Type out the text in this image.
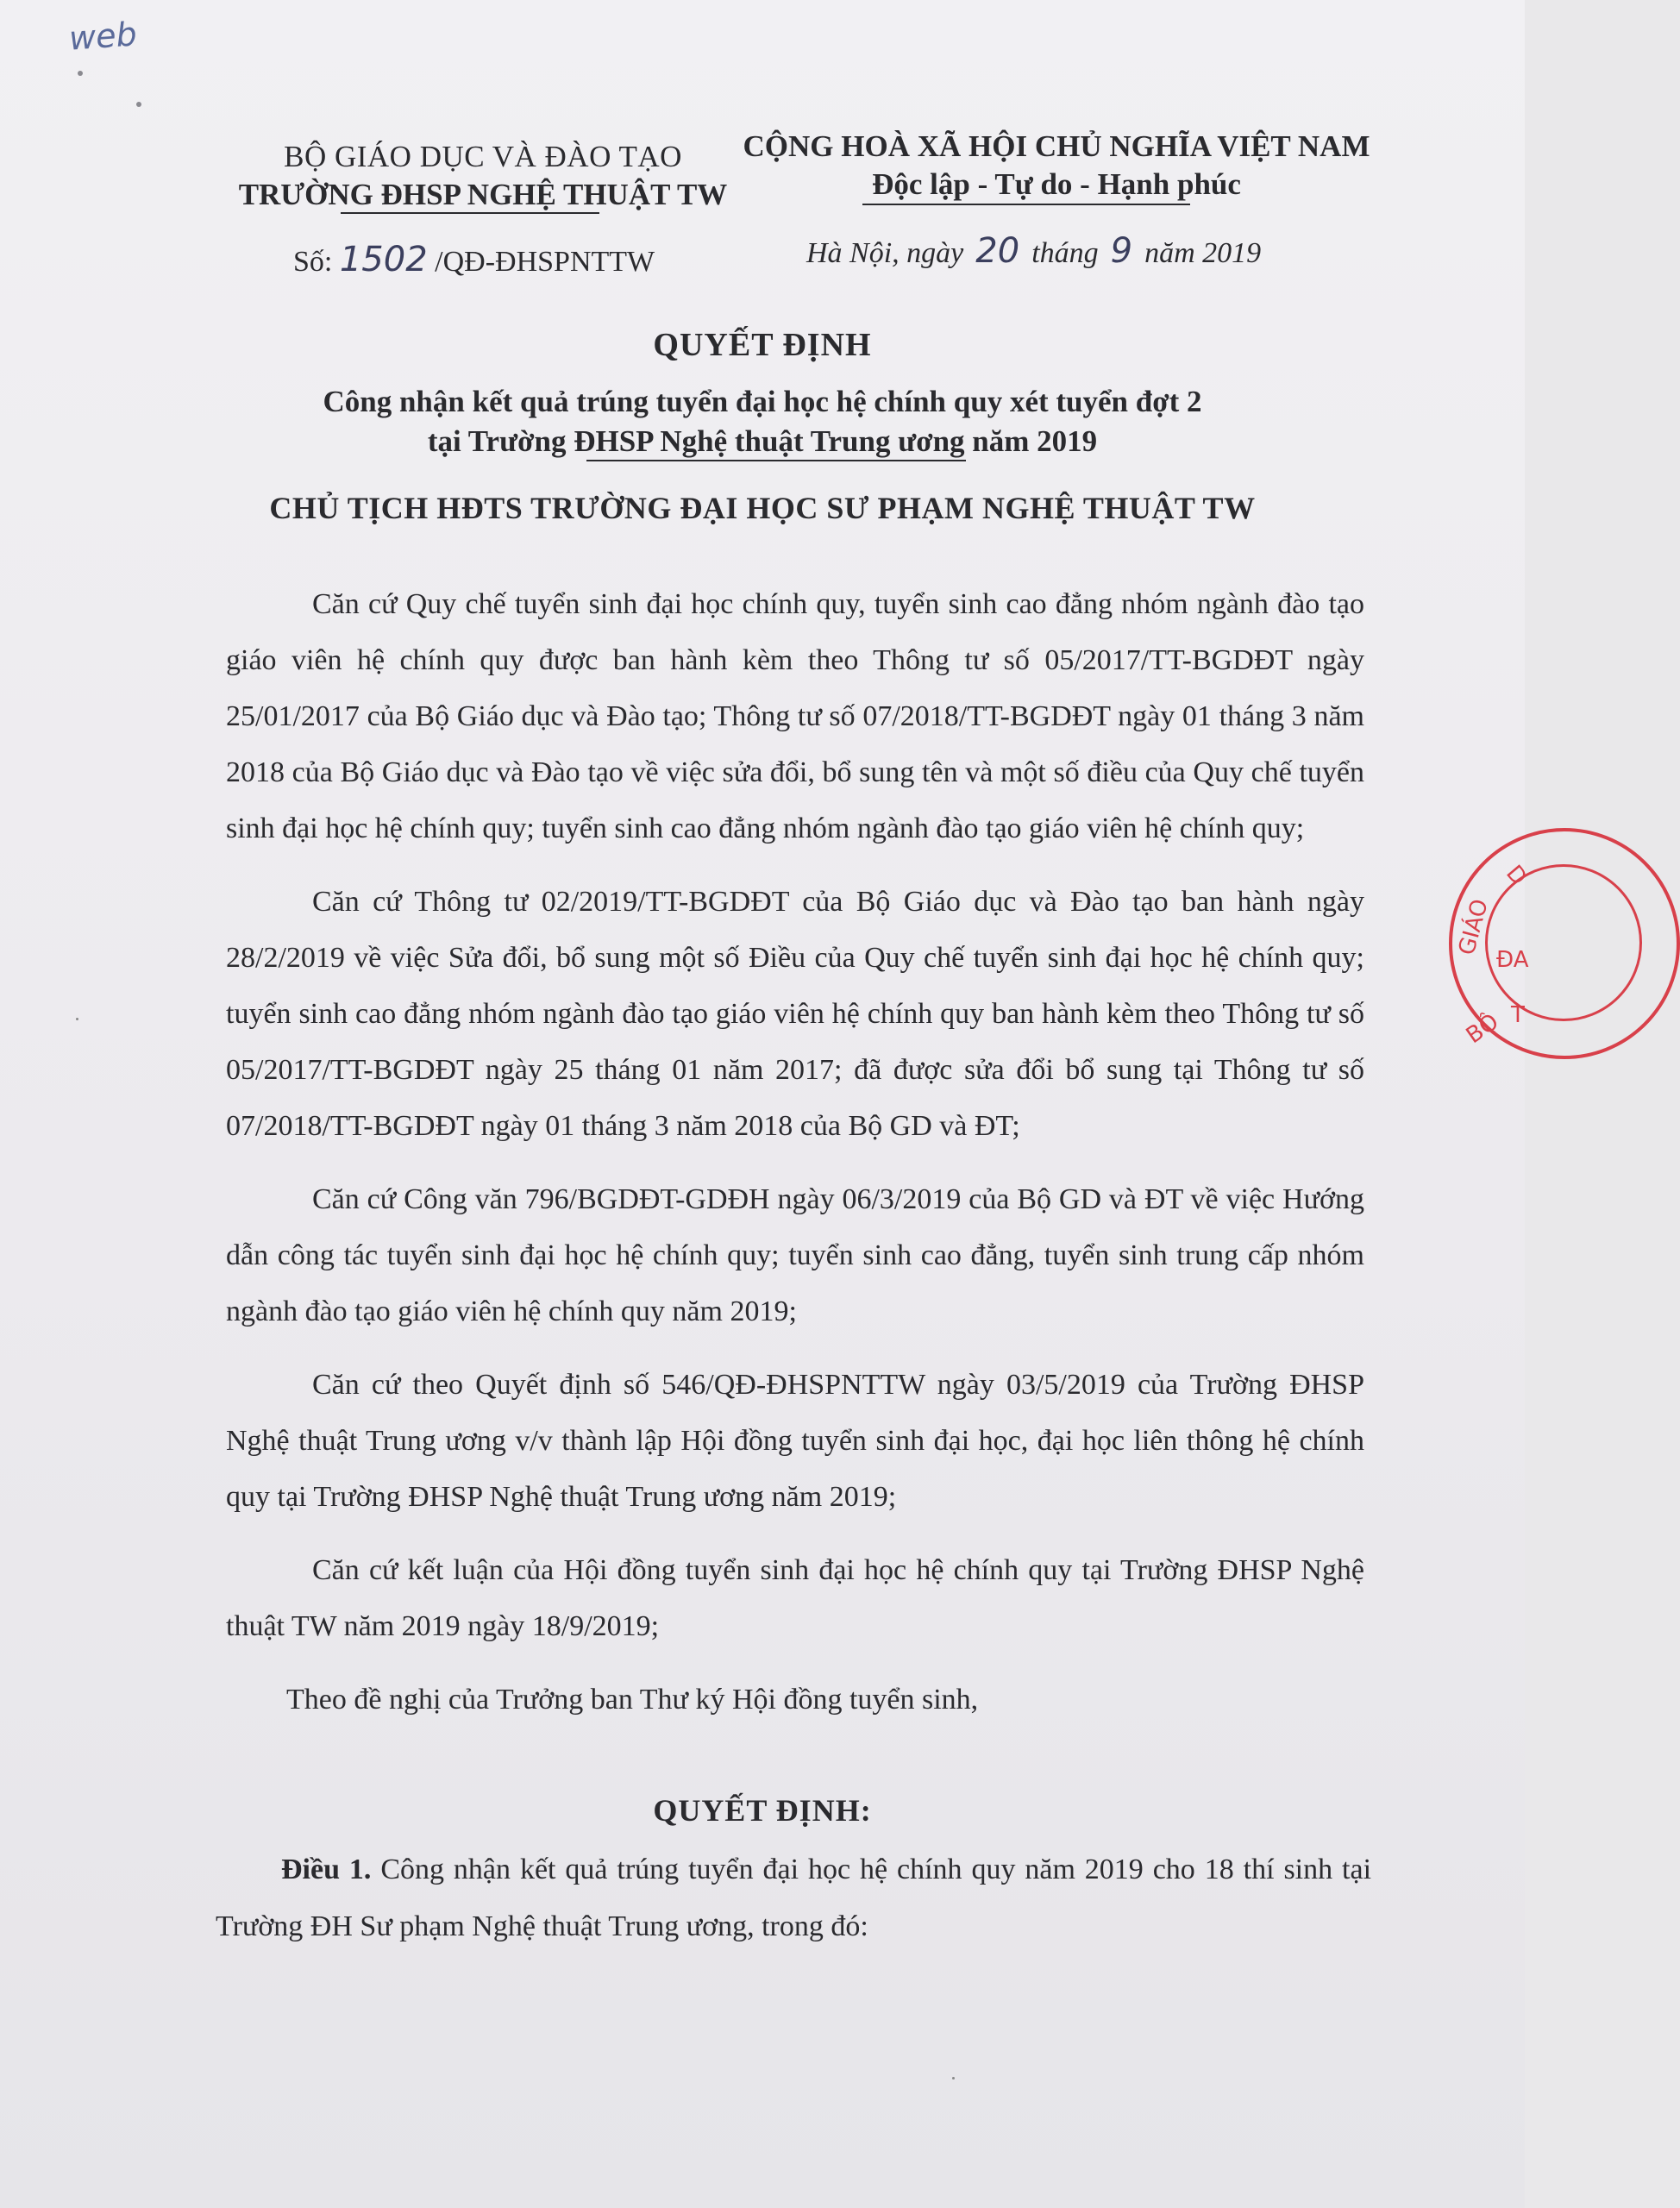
web
BỘ GIÁO DỤC VÀ ĐÀO TẠO
TRƯỜNG ĐHSP NGHỆ THUẬT TW
CỘNG HOÀ XÃ HỘI CHỦ NGHĨA VIỆT NAM
Độc lập - Tự do - Hạnh phúc
Số: 1502 /QĐ-ĐHSPNTTW	Hà Nội, ngày 20 tháng 9 năm 2019
QUYẾT ĐỊNH
Công nhận kết quả trúng tuyển đại học hệ chính quy xét tuyển đợt 2
tại Trường ĐHSP Nghệ thuật Trung ương năm 2019
CHỦ TỊCH HĐTS TRƯỜNG ĐẠI HỌC SƯ PHẠM NGHỆ THUẬT TW

Căn cứ Quy chế tuyển sinh đại học chính quy, tuyển sinh cao đẳng nhóm ngành đào tạo giáo viên hệ chính quy được ban hành kèm theo Thông tư số 05/2017/TT-BGDĐT ngày 25/01/2017 của Bộ Giáo dục và Đào tạo; Thông tư số 07/2018/TT-BGDĐT ngày 01 tháng 3 năm 2018 của Bộ Giáo dục và Đào tạo về việc sửa đổi, bổ sung tên và một số điều của Quy chế tuyển sinh đại học hệ chính quy; tuyển sinh cao đẳng nhóm ngành đào tạo giáo viên hệ chính quy;

Căn cứ Thông tư 02/2019/TT-BGDĐT của Bộ Giáo dục và Đào tạo ban hành ngày 28/2/2019 về việc Sửa đổi, bổ sung một số Điều của Quy chế tuyển sinh đại học hệ chính quy; tuyển sinh cao đẳng nhóm ngành đào tạo giáo viên hệ chính quy ban hành kèm theo Thông tư số 05/2017/TT-BGDĐT ngày 25 tháng 01 năm 2017; đã được sửa đổi bổ sung tại Thông tư số 07/2018/TT-BGDĐT ngày 01 tháng 3 năm 2018 của Bộ GD và ĐT;

Căn cứ Công văn 796/BGDĐT-GDĐH ngày 06/3/2019 của Bộ GD và ĐT về việc Hướng dẫn công tác tuyển sinh đại học hệ chính quy; tuyển sinh cao đẳng, tuyển sinh trung cấp nhóm ngành đào tạo giáo viên hệ chính quy năm 2019;

Căn cứ theo Quyết định số 546/QĐ-ĐHSPNTTW ngày 03/5/2019 của Trường ĐHSP Nghệ thuật Trung ương v/v thành lập Hội đồng tuyển sinh đại học, đại học liên thông hệ chính quy tại Trường ĐHSP Nghệ thuật Trung ương năm 2019;

Căn cứ kết luận của Hội đồng tuyển sinh đại học hệ chính quy tại Trường ĐHSP Nghệ thuật TW năm 2019 ngày 18/9/2019;

Theo đề nghị của Trưởng ban Thư ký Hội đồng tuyển sinh,

QUYẾT ĐỊNH:
Điều 1. Công nhận kết quả trúng tuyển đại học hệ chính quy năm 2019 cho 18 thí sinh tại Trường ĐH Sư phạm Nghệ thuật Trung ương, trong đó:
GIÁO
ĐA
BỘ
D
T
